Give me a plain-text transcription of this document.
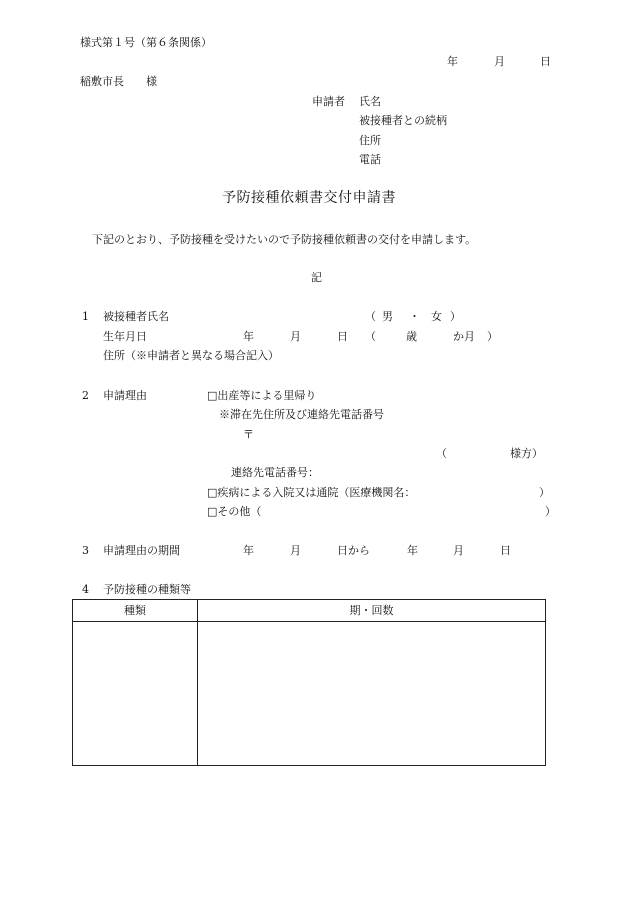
様式第１号（第６条関係）
年	月	日
稲敷市長　　様
申請者 氏名
被接種者との続柄
住所
電話
予防接種依頼書交付申請書
下記のとおり、予防接種を受けたいので予防接種依頼書の交付を申請します。
記
1 被接種者氏名	（ 男 ・ 女 ）
生年月日	年	月	日 （	歳	か月 ）
住所（※申請者と異なる場合記入）
2 申請理由	□出産等による里帰り
※滞在先住所及び連絡先電話番号
〒
（	様方）
連絡先電話番号：
□疾病による入院又は通院（医療機関名：	）
□その他（	）
3 申請理由の期間	年	月	日から	年	月	日
4 予防接種の種類等
種類	期・回数
